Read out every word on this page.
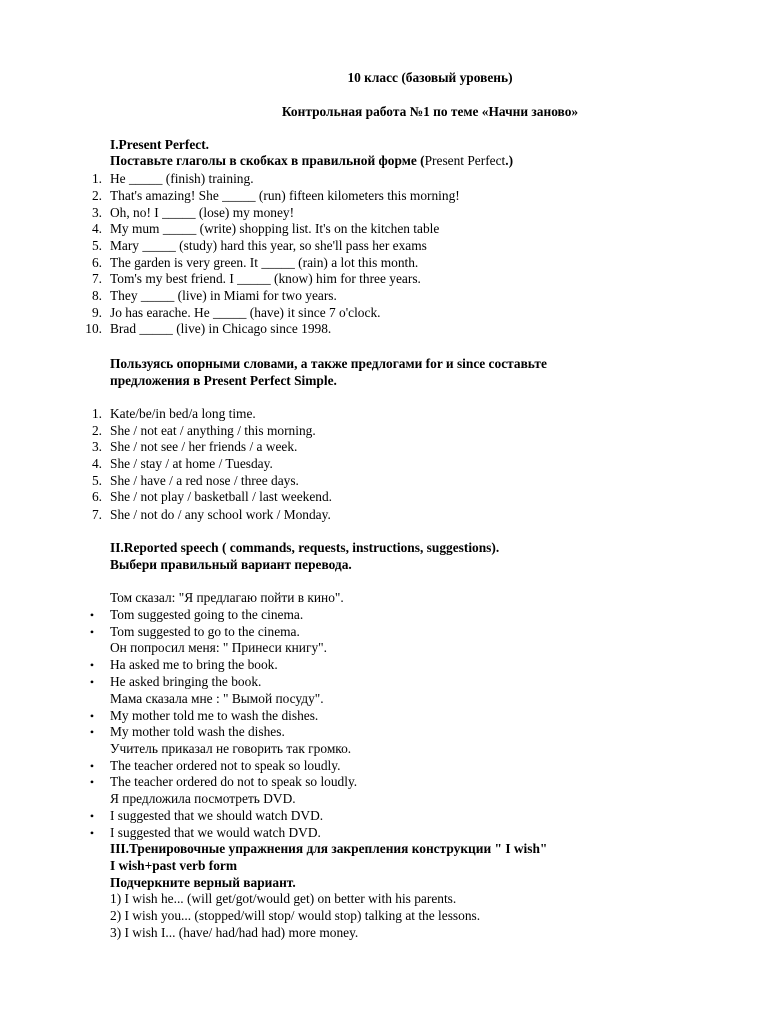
10 класс (базовый уровень)
Контрольная работа №1 по теме «Начни заново»
I.Present Perfect.
Поставьте глаголы в скобках в правильной форме (Present Perfect.)
1. He _____ (finish) training.
2. That's amazing! She _____ (run) fifteen kilometers this morning!
3. Oh, no! I _____ (lose) my money!
4. My mum _____ (write) shopping list. It's on the kitchen table
5. Mary _____ (study) hard this year, so she'll pass her exams
6. The garden is very green. It _____ (rain) a lot this month.
7. Tom's my best friend. I _____ (know) him for three years.
8. They _____ (live) in Miami for two years.
9. Jo has earache. He _____ (have) it since 7 o'clock.
10. Brad _____ (live) in Chicago since 1998.
Пользуясь опорными словами, а также предлогами for и since составьте
предложения в Present Perfect Simple.
1. Kate/be/in bed/a long time.
2. She / not eat / anything / this morning.
3. She / not see / her friends / a week.
4. She / stay / at home / Tuesday.
5. She / have / a red nose / three days.
6. She / not play / basketball / last weekend.
7. She / not do / any school work / Monday.
II.Reported speech ( commands, requests, instructions, suggestions).
Выбери правильный вариант перевода.
Том сказал: "Я предлагаю пойти в кино".
• Tom suggested going to the cinema.
• Tom suggested to go to the cinema.
Он попросил меня: " Принеси книгу".
• Ha asked me to bring the book.
• He asked bringing the book.
Мама сказала мне : " Вымой посуду".
• My mother told me to wash the dishes.
• My mother told wash the dishes.
Учитель приказал не говорить так громко.
• The teacher ordered not to speak so loudly.
• The teacher ordered do not to speak so loudly.
Я предложила посмотреть DVD.
• I suggested that we should watch DVD.
• I suggested that we would watch DVD.
III.Тренировочные упражнения для закрепления конструкции " I wish"
I wish+past verb form
Подчеркните верный вариант.
1) I wish he... (will get/got/would get) on better with his parents.
2) I wish you... (stopped/will stop/ would stop) talking at the lessons.
3) I wish I... (have/ had/had had) more money.
